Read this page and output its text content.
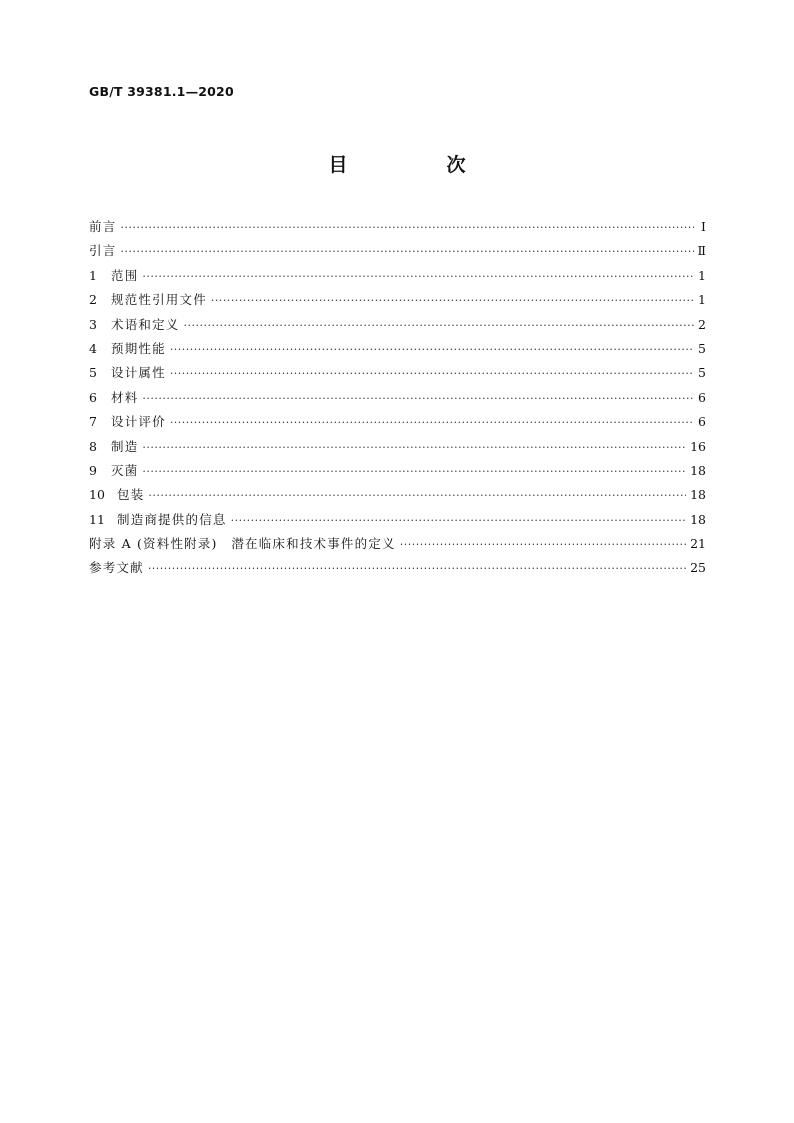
GB/T 39381.1—2020
目　次
前言 ·····	Ⅰ
引言 ·····	Ⅱ
1 范围 ·····	1
2 规范性引用文件 ·····	1
3 术语和定义 ·····	2
4 预期性能 ·····	5
5 设计属性 ·····	5
6 材料 ·····	6
7 设计评价 ·····	6
8 制造 ·····	16
9 灭菌 ·····	18
10 包装 ·····	18
11 制造商提供的信息 ·····	18
附录 A (资料性附录)　潜在临床和技术事件的定义 ·····	21
参考文献 ·····	25
